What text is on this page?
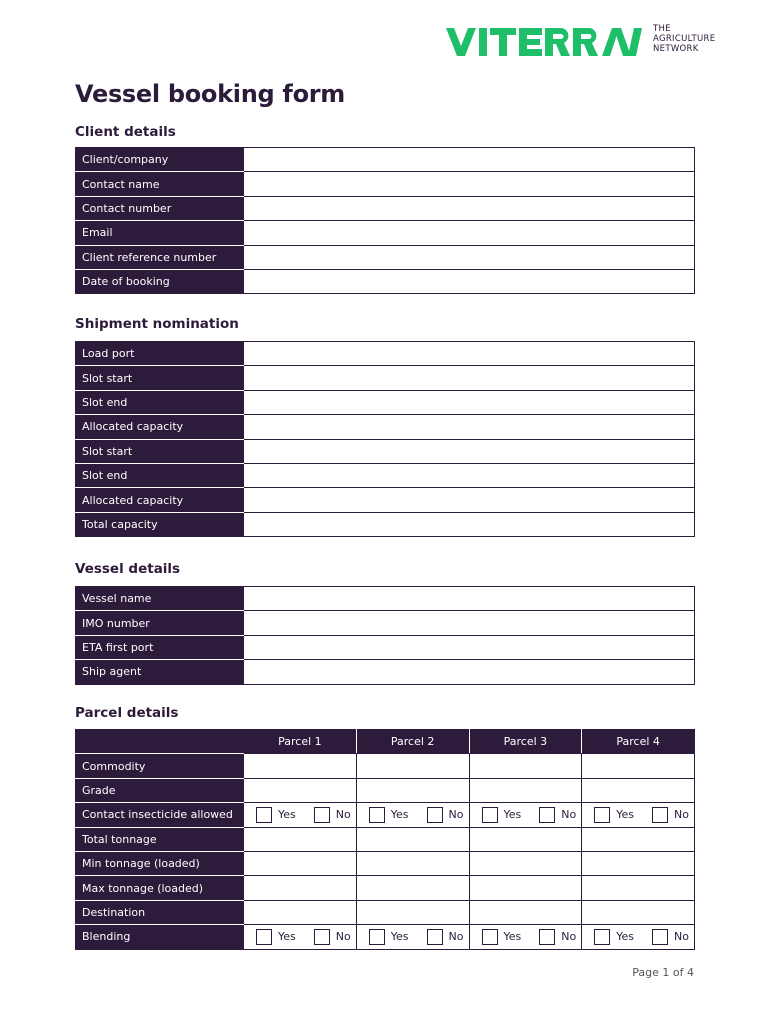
THE
AGRICULTURE
NETWORK
Vessel booking form
Client details
Client/company	
Contact name	
Contact number	
Email	
Client reference number	
Date of booking	
Shipment nomination
Load port	
Slot start	
Slot end	
Allocated capacity	
Slot start	
Slot end	
Allocated capacity	
Total capacity	
Vessel details
Vessel name	
IMO number	
ETA first port	
Ship agent	
Parcel details
	Parcel 1	Parcel 2	Parcel 3	Parcel 4
Commodity				
Grade				
Contact insecticide allowed	Yes No	Yes No	Yes No	Yes No

Total tonnage				
Min tonnage (loaded)				
Max tonnage (loaded)				
Destination				
Blending	Yes No	Yes No	Yes No	Yes No
Page 1 of 4
